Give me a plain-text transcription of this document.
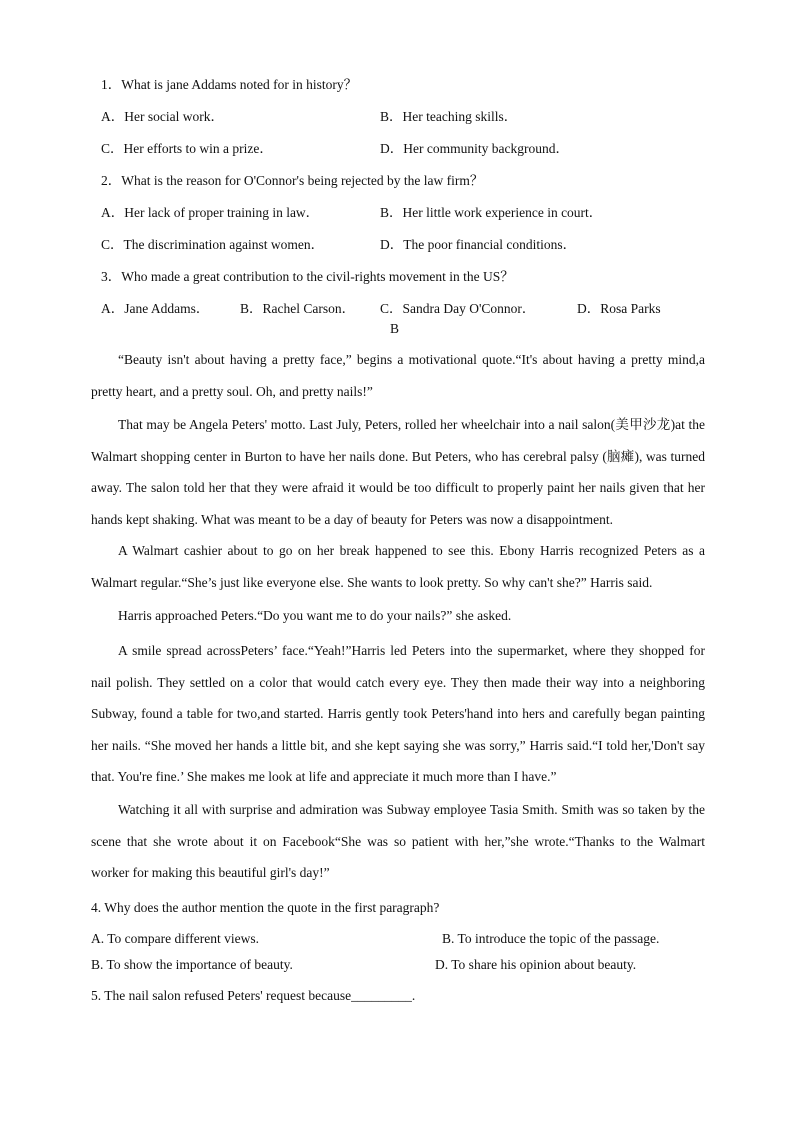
1．What is jane Addams noted for in history？
A．Her social work．	B．Her teaching skills．
C．Her efforts to win a prize．	D．Her community background．
2．What is the reason for O'Connor's being rejected by the law firm？
A．Her lack of proper training in law．	B．Her little work experience in court．
C．The discrimination against women．	D．The poor financial conditions．
3．Who made a great contribution to the civil-rights movement in the US？
A．Jane Addams． B．Rachel Carson． C．Sandra Day O'Connor．	D．Rosa Parks
B
“Beauty isn't about having a pretty face,” begins a motivational quote.“It's about having a pretty mind,a pretty heart, and a pretty soul. Oh, and pretty nails!”
That may be Angela Peters' motto. Last July, Peters, rolled her wheelchair into a nail salon(美甲沙龙)at the Walmart shopping center in Burton to have her nails done. But Peters, who has cerebral palsy (脑瘫), was turned away. The salon told her that they were afraid it would be too difficult to properly paint her nails given that her hands kept shaking. What was meant to be a day of beauty for Peters was now a disappointment.
A Walmart cashier about to go on her break happened to see this. Ebony Harris recognized Peters as a Walmart regular.“She’s just like everyone else. She wants to look pretty. So why can't she?” Harris said.
Harris approached Peters.“Do you want me to do your nails?” she asked.
A smile spread acrossPeters’ face.“Yeah!”Harris led Peters into the supermarket, where they shopped for nail polish. They settled on a color that would catch every eye. They then made their way into a neighboring Subway, found a table for two,and started. Harris gently took Peters'hand into hers and carefully began painting her nails. “She moved her hands a little bit, and she kept saying she was sorry,” Harris said.“I told her,'Don't say that. You're fine.’ She makes me look at life and appreciate it much more than I have.”
Watching it all with surprise and admiration was Subway employee Tasia Smith. Smith was so taken by the scene that she wrote about it on Facebook“She was so patient with her,”she wrote.“Thanks to the Walmart worker for making this beautiful girl's day!”
4. Why does the author mention the quote in the first paragraph?
A. To compare different views.	B. To introduce the topic of the passage.
B. To show the importance of beauty.	D. To share his opinion about beauty.
5. The nail salon refused Peters' request because_________.
